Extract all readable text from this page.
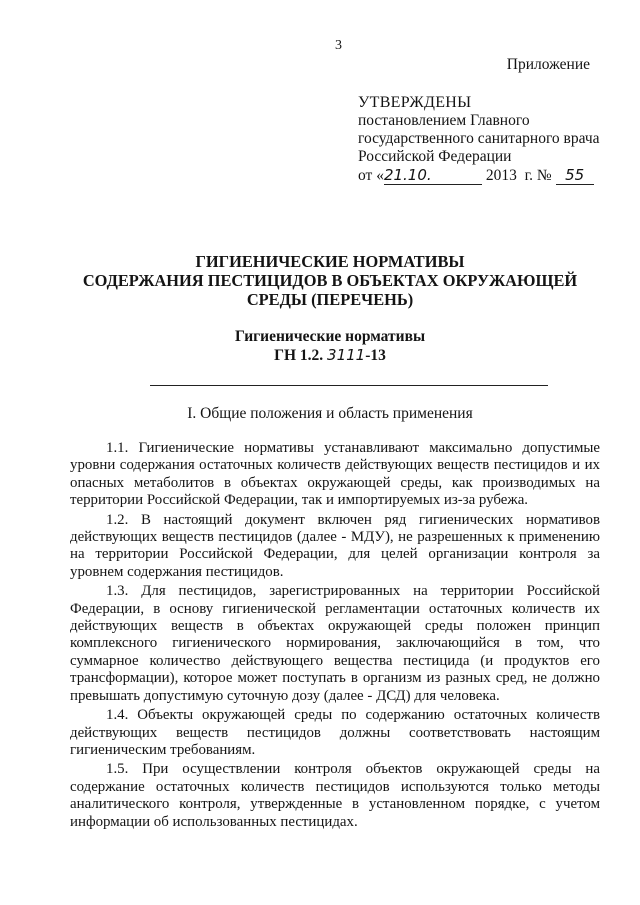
3
Приложение
УТВЕРЖДЕНЫ
постановлением Главного
государственного санитарного врача
Российской Федерации
от «21.10.	2013 г. № 55
ГИГИЕНИЧЕСКИЕ НОРМАТИВЫ
СОДЕРЖАНИЯ ПЕСТИЦИДОВ В ОБЪЕКТАХ ОКРУЖАЮЩЕЙ
СРЕДЫ (ПЕРЕЧЕНЬ)
Гигиенические нормативы
ГН 1.2. 3111-13
I. Общие положения и область применения

1.1. Гигиенические нормативы устанавливают максимально допустимые уровни содержания остаточных количеств действующих веществ пестицидов и их опасных метаболитов в объектах окружающей среды, как производимых на территории Российской Федерации, так и импортируемых из-за рубежа.

1.2. В настоящий документ включен ряд гигиенических нормативов действующих веществ пестицидов (далее - МДУ), не разрешенных к применению на территории Российской Федерации, для целей организации контроля за уровнем содержания пестицидов.

1.3. Для пестицидов, зарегистрированных на территории Российской Федерации, в основу гигиенической регламентации остаточных количеств их действующих веществ в объектах окружающей среды положен принцип комплексного гигиенического нормирования, заключающийся в том, что суммарное количество действующего вещества пестицида (и продуктов его трансформации), которое может поступать в организм из разных сред, не должно превышать допустимую суточную дозу (далее - ДСД) для человека.

1.4. Объекты окружающей среды по содержанию остаточных количеств действующих веществ пестицидов должны соответствовать настоящим гигиеническим требованиям.

1.5. При осуществлении контроля объектов окружающей среды на содержание остаточных количеств пестицидов используются только методы аналитического контроля, утвержденные в установленном порядке, с учетом информации об использованных пестицидах.
